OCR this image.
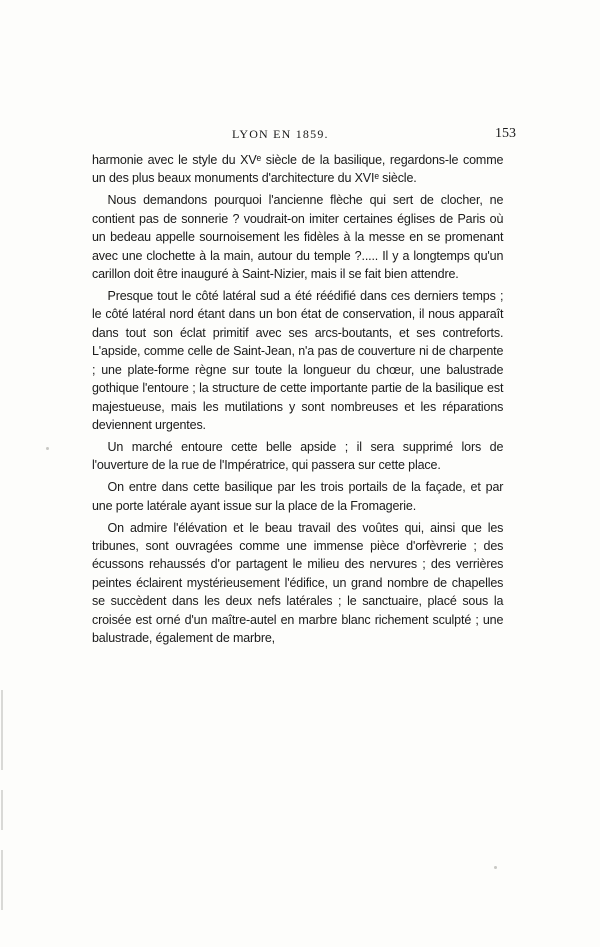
LYON EN 1859.	153

harmonie avec le style du XVᵉ siècle de la basilique, regardons-le comme un des plus beaux monuments d'architecture du XVIᵉ siècle.

Nous demandons pourquoi l'ancienne flèche qui sert de clocher, ne contient pas de sonnerie ? voudrait-on imiter certaines églises de Paris où un bedeau appelle sournoisement les fidèles à la messe en se promenant avec une clochette à la main, autour du temple ?..... Il y a longtemps qu'un carillon doit être inauguré à Saint-Nizier, mais il se fait bien attendre.

Presque tout le côté latéral sud a été réédifié dans ces derniers temps ; le côté latéral nord étant dans un bon état de conservation, il nous apparaît dans tout son éclat primitif avec ses arcs-boutants, et ses contreforts. L'apside, comme celle de Saint-Jean, n'a pas de couverture ni de charpente ; une plate-forme règne sur toute la longueur du chœur, une balustrade gothique l'entoure ; la structure de cette importante partie de la basilique est majestueuse, mais les mutilations y sont nombreuses et les réparations deviennent urgentes.

Un marché entoure cette belle apside ; il sera supprimé lors de l'ouverture de la rue de l'Impératrice, qui passera sur cette place.

On entre dans cette basilique par les trois portails de la façade, et par une porte latérale ayant issue sur la place de la Fromagerie.

On admire l'élévation et le beau travail des voûtes qui, ainsi que les tribunes, sont ouvragées comme une immense pièce d'orfèvrerie ; des écussons rehaussés d'or partagent le milieu des nervures ; des verrières peintes éclairent mystérieusement l'édifice, un grand nombre de chapelles se succèdent dans les deux nefs latérales ; le sanctuaire, placé sous la croisée est orné d'un maître-autel en marbre blanc richement sculpté ; une balustrade, également de marbre,
